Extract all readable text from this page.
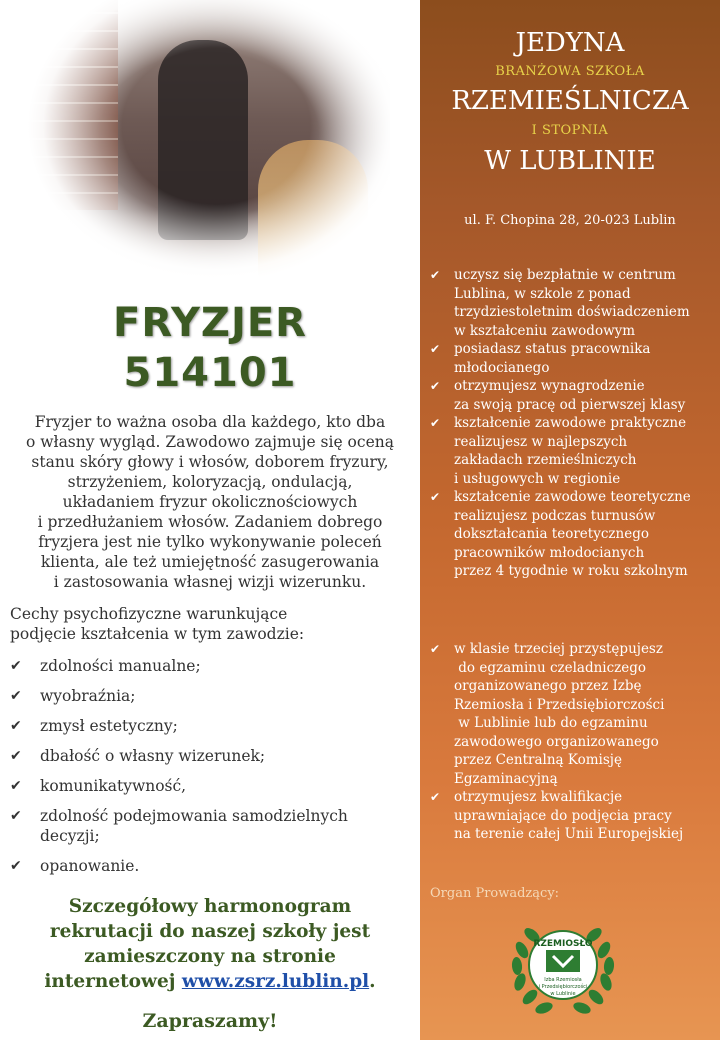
FRYZJER
514101
Fryzjer to ważna osoba dla każdego, kto dba
o własny wygląd. Zawodowo zajmuje się oceną
stanu skóry głowy i włosów, doborem fryzury,
strzyżeniem, koloryzacją, ondulacją,
układaniem fryzur okolicznościowych
i przedłużaniem włosów. Zadaniem dobrego
fryzjera jest nie tylko wykonywanie poleceń
klienta, ale też umiejętność zasugerowania
i zastosowania własnej wizji wizerunku.
Cechy psychofizyczne warunkujące
podjęcie kształcenia w tym zawodzie:
✔ zdolności manualne;
✔ wyobraźnia;
✔ zmysł estetyczny;
✔ dbałość o własny wizerunek;
✔ komunikatywność,
✔ zdolność podejmowania samodzielnych
decyzji;
✔ opanowanie.
Szczegółowy harmonogram
rekrutacji do naszej szkoły jest
zamieszczony na stronie
internetowej www.zsrz.lublin.pl.
Zapraszamy!
JEDYNA
BRANŻOWA SZKOŁA
RZEMIEŚLNICZA
I STOPNIA
W LUBLINIE
ul. F. Chopina 28, 20-023 Lublin
✔ uczysz się bezpłatnie w centrum
Lublina, w szkole z ponad
trzydziestoletnim doświadczeniem
w kształceniu zawodowym
✔ posiadasz status pracownika
młodocianego
✔ otrzymujesz wynagrodzenie
za swoją pracę od pierwszej klasy
✔ kształcenie zawodowe praktyczne
realizujesz w najlepszych
zakładach rzemieślniczych
i usługowych w regionie
✔ kształcenie zawodowe teoretyczne
realizujesz podczas turnusów
dokształcania teoretycznego
pracowników młodocianych
przez 4 tygodnie w roku szkolnym
✔ w klasie trzeciej przystępujesz
do egzaminu czeladniczego
organizowanego przez Izbę
Rzemiosła i Przedsiębiorczości
w Lublinie lub do egzaminu
zawodowego organizowanego
przez Centralną Komisję
Egzaminacyjną
✔ otrzymujesz kwalifikacje
uprawniające do podjęcia pracy
na terenie całej Unii Europejskiej
Organ Prowadzący:
RZEMIOSŁO
Izba Rzemiosła
i Przedsiębiorczości
w Lublinie
